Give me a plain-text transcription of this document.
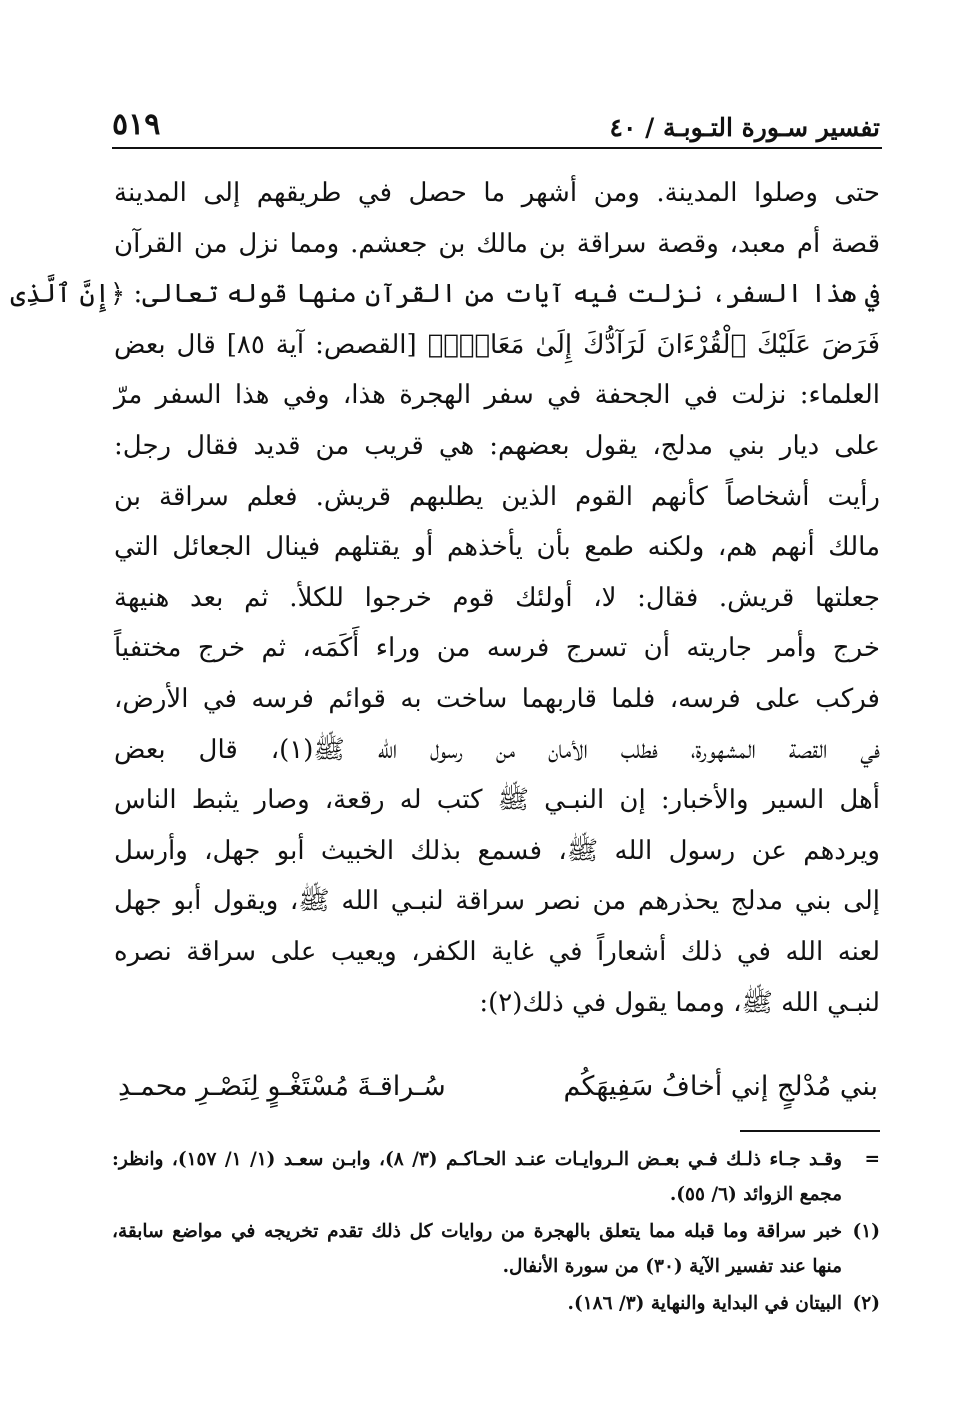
تفسير سـورة التـوبـة / ٤٠
٥١٩
حتى وصلوا المدينة. ومن أشهر ما حصل في طريقهم إلى المدينة
قصة أم معبد، وقصة سراقة بن مالك بن جعشم. ومما نزل من القرآن
في هذا السفر، نزلت فيه آيات من القرآن منها قوله تعالى: ﴿إِنَّ ٱلَّذِى
فَرَضَ عَلَيْكَ ٱلْقُرْءَانَ لَرَآدُّكَ إِلَىٰ مَعَادٍۚ﴾ [القصص: آية ٨٥] قال بعض
العلماء: نزلت في الجحفة في سفر الهجرة هذا، وفي هذا السفر مرّ
على ديار بني مدلج، يقول بعضهم: هي قريب من قديد فقال رجل:
رأيت أشخاصاً كأنهم القوم الذين يطلبهم قريش. فعلم سراقة بن
مالك أنهم هم، ولكنه طمع بأن يأخذهم أو يقتلهم فينال الجعائل التي
جعلتها قريش. فقال: لا، أولئك قوم خرجوا للكلأ. ثم بعد هنيهة
خرج وأمر جاريته أن تسرج فرسه من وراء أَكَمَه، ثم خرج مختفياً
فركب على فرسه، فلما قاربهما ساخت به قوائم فرسه في الأرض،
في القصة المشهورة، فطلب الأمان من رسول الله ﷺ(١)، قال بعض
أهل السير والأخبار: إن النبـي ﷺ كتب له رقعة، وصار يثبط الناس
ويردهم عن رسول الله ﷺ، فسمع بذلك الخبيث أبو جهل، وأرسل
إلى بني مدلج يحذرهم من نصر سراقة لنبـي الله ﷺ، ويقول أبو جهل
لعنه الله في ذلك أشعاراً في غاية الكفر، ويعيب على سراقة نصره
لنبـي الله ﷺ، ومما يقول في ذلك(٢):
بني مُدْلجٍ إني أخافُ سَفِيهَكُم
سُـراقـةَ مُسْتَغْـوٍ لِنَصْـرِ محمـدِ
=
وقـد جـاء ذلـك فـي بعـض الـروايـات عنـد الحـاكـم (٣/ ٨)، وابـن سعـد (١/ ١/ ١٥٧)، وانظر: مجمع الزوائد (٦/ ٥٥).
(١)
خبر سراقة وما قبله مما يتعلق بالهجرة من روايات كل ذلك تقدم تخريجه في مواضع سابقة، منها عند تفسير الآية (٣٠) من سورة الأنفال.
(٢)
البيتان في البداية والنهاية (٣/ ١٨٦).
